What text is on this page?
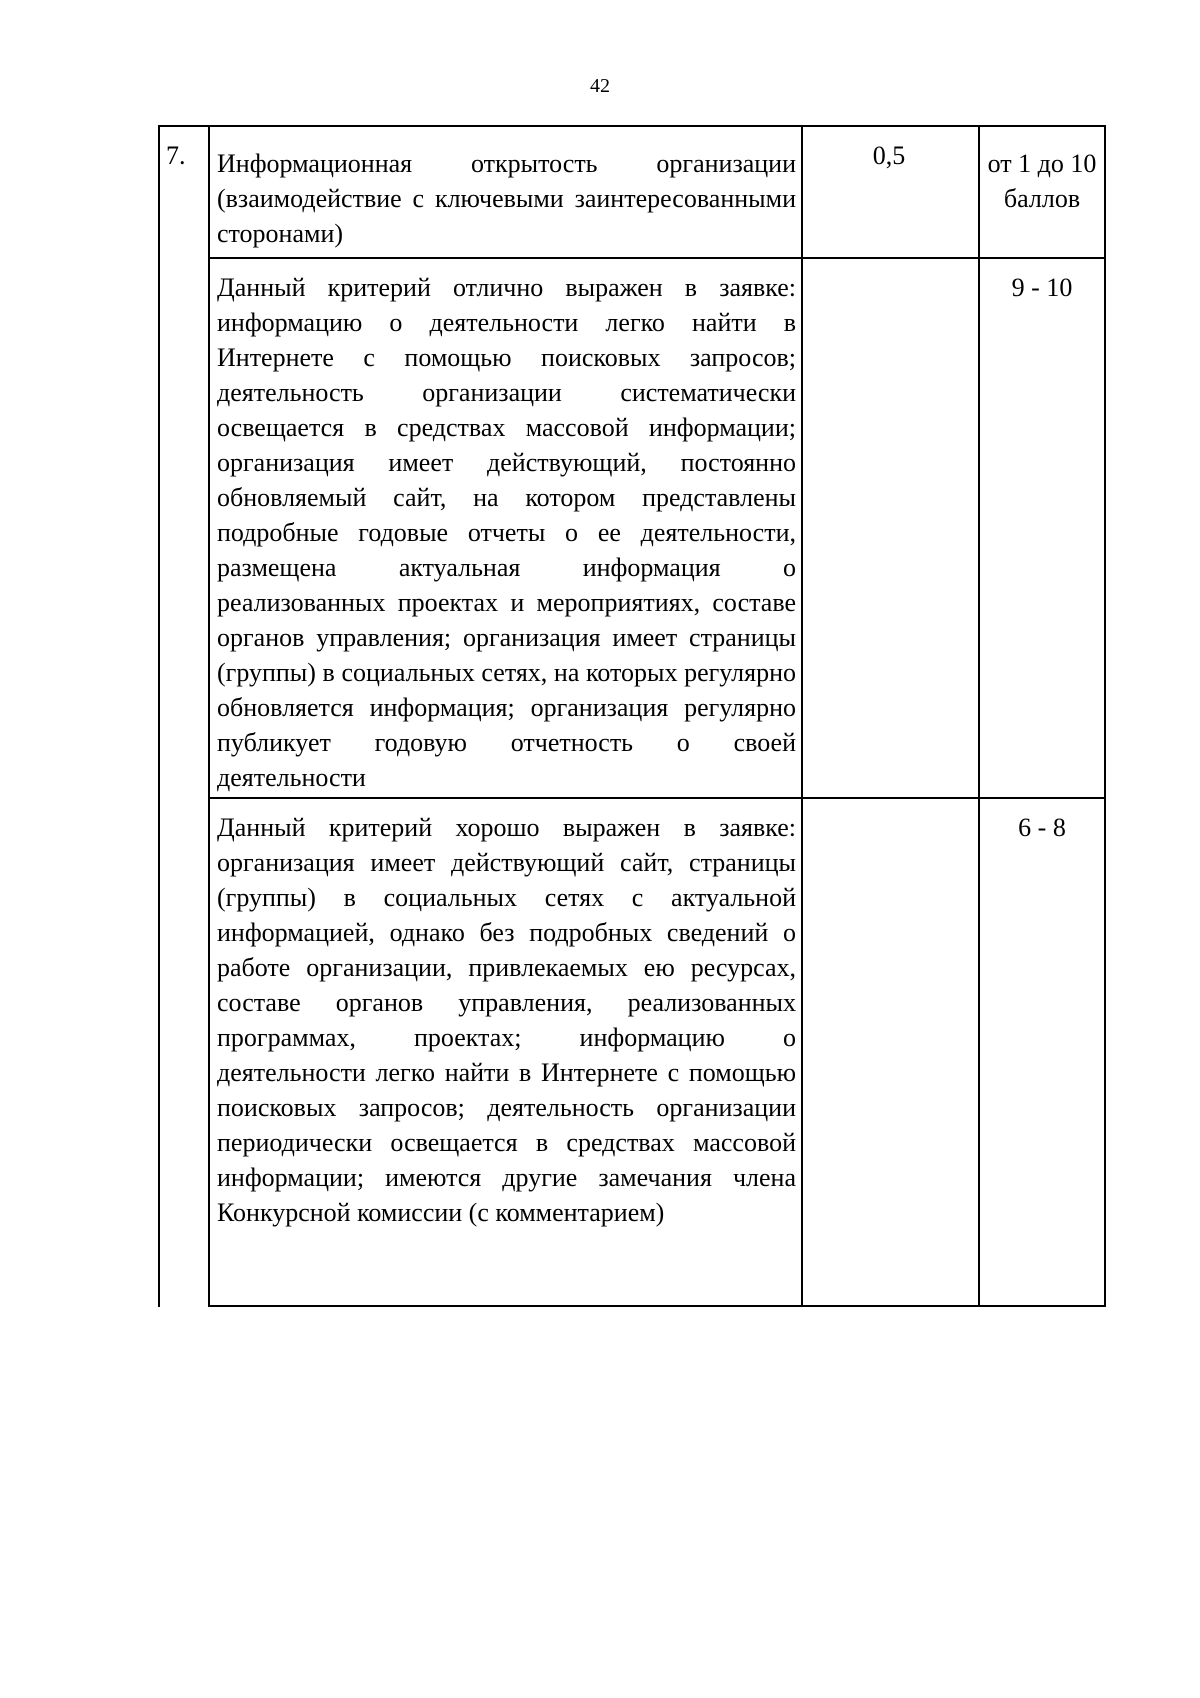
42
7.	Информационная открытость организации (взаимодействие с ключевыми заинтересованными сторонами)
0,5	от 1 до 10 баллов
Данный критерий отлично выражен в заявке: информацию о деятельности легко найти в Интернете с помощью поисковых запросов; деятельность организации систематически освещается в средствах массовой информации; организация имеет действующий, постоянно обновляемый сайт, на котором представлены подробные годовые отчеты о ее деятельности, размещена актуальная информация о реализованных проектах и мероприятиях, составе органов управления; организация имеет страницы (группы) в социальных сетях, на которых регулярно обновляется информация; организация регулярно публикует годовую отчетность о своей деятельности
9 - 10
Данный критерий хорошо выражен в заявке: организация имеет действующий сайт, страницы (группы) в социальных сетях с актуальной информацией, однако без подробных сведений о работе организации, привлекаемых ею ресурсах, составе органов управления, реализованных программах, проектах; информацию о деятельности легко найти в Интернете с помощью поисковых запросов; деятельность организации периодически освещается в средствах массовой информации; имеются другие замечания члена Конкурсной комиссии (с комментарием)
6 - 8
